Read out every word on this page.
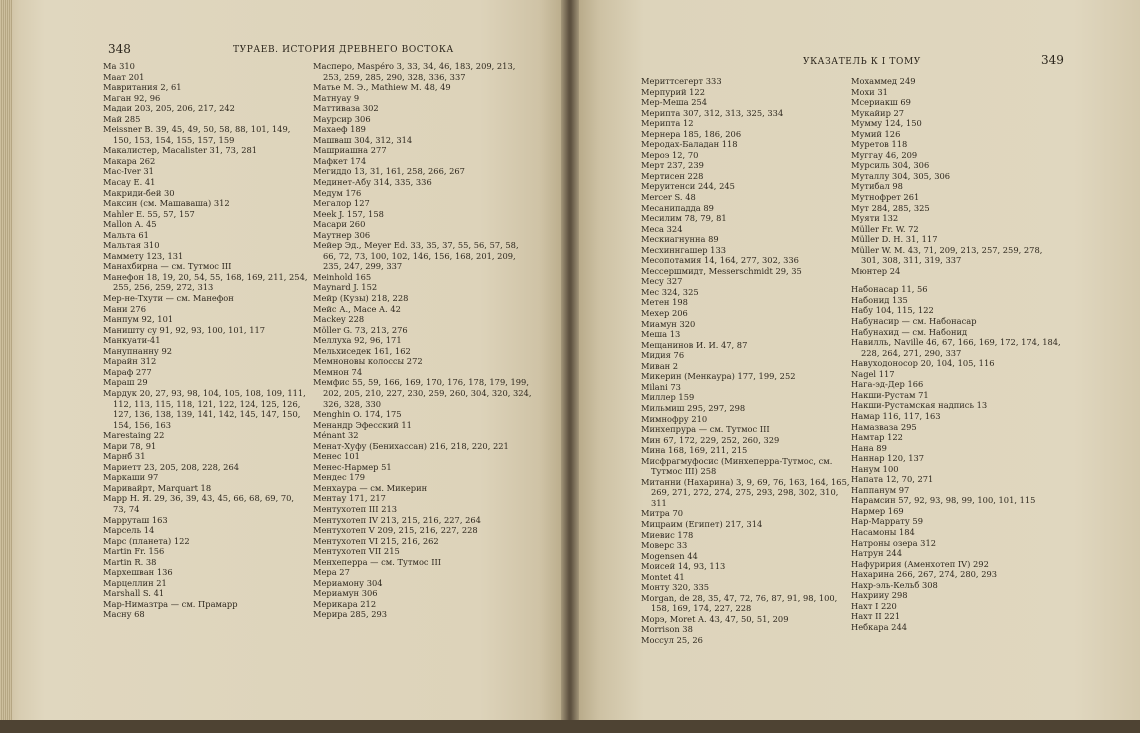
348	ТУРАЕВ. ИСТОРИЯ ДРЕВНЕГО ВОСТОКА
Ма 310
Маат 201
Мавритания 2, 61
Маган 92, 96
Мадаи 203, 205, 206, 217, 242
Май 285
Meissner B. 39, 45, 49, 50, 58, 88, 101, 149, 150, 153, 154, 155, 157, 159
Макалистер, Macalister 31, 73, 281
Макара 262
Mac-Iver 31
Масау Е. 41
Макриди-бей 30
Максин (см. Машаваша) 312
Mahler E. 55, 57, 157
Mallon A. 45
Мальта 61
Мальтая 310
Маммету 123, 131
Манахбирна — см. Тутмос III
Манефон 18, 19, 20, 54, 55, 168, 169, 211, 254, 255, 256, 259, 272, 313
Мер-не-Тхути — см. Манефон
Мани 276
Манпум 92, 101
Маништу су 91, 92, 93, 100, 101, 117
Манкуати-41
Манупнанну 92
Марайн 312
Мараф 277
Мараш 29
Мардук 20, 27, 93, 98, 104, 105, 108, 109, 111, 112, 113, 115, 118, 121, 122, 124, 125, 126, 127, 136, 138, 139, 141, 142, 145, 147, 150, 154, 156, 163
Marestaing 22
Мари 78, 91
Марнб 31
Мариетт 23, 205, 208, 228, 264
Маркаши 97
Маривайрт, Marquart 18
Марр Н. Я. 29, 36, 39, 43, 45, 66, 68, 69, 70, 73, 74
Марруташ 163
Марсель 14
Марс (планета) 122
Martin Fr. 156
Martin R. 38
Мархешван 136
Марцеллин 21
Marshall S. 41
Мар-Нимазтра — см. Прамарр
Масну 68
Масперо, Maspéro 3, 33, 34, 46, 183, 209, 213, 253, 259, 285, 290, 328, 336, 337
Матье М. Э., Mathiew M. 48, 49
Матнуау 9
Маттиваза 302
Маурсир 306
Махаеф 189
Машваш 304, 312, 314
Машриашна 277
Мафкет 174
Мегиддо 13, 31, 161, 258, 266, 267
Мединет-Абу 314, 335, 336
Медум 176
Мегалор 127
Meek J. 157, 158
Масари 260
Маутнер 306
Мейер Эд., Meyer Ed. 33, 35, 37, 55, 56, 57, 58, 66, 72, 73, 100, 102, 146, 156, 168, 201, 209, 235, 247, 299, 337
Meinhold 165
Maynard J. 152
Мейр (Кузы) 218, 228
Мейс А., Mace A. 42
Mackey 228
Möller G. 73, 213, 276
Меллуха 92, 96, 171
Мельхиседек 161, 162
Мемноновы колоссы 272
Мемнон 74
Мемфис 55, 59, 166, 169, 170, 176, 178, 179, 199, 202, 205, 210, 227, 230, 259, 260, 304, 320, 324, 326, 328, 330
Menghin O. 174, 175
Менандр Эфесский 11
Ménant 32
Менат-Хуфу (Бенихассан) 216, 218, 220, 221
Менес 101
Менес-Нармер 51
Мендес 179
Менхаура — см. Микерин
Ментау 171, 217
Ментухотеп III 213
Ментухотеп IV 213, 215, 216, 227, 264
Ментухотеп V 209, 215, 216, 227, 228
Ментухотеп VI 215, 216, 262
Ментухотеп VII 215
Менхеперра — см. Тутмос III
Мера 27
Мериамону 304
Мериамун 306
Мерикара 212
Мерира 285, 293
УКАЗАТЕЛЬ К I ТОМУ	349
Мериттсегерт 333
Мерпурий 122
Мер-Меша 254
Мерипта 307, 312, 313, 325, 334
Мерипта 12
Мернера 185, 186, 206
Меродах-Баладан 118
Мероэ 12, 70
Мерт 237, 239
Мертисен 228
Меруитенси 244, 245
Mercer S. 48
Месанипадда 89
Месилим 78, 79, 81
Меса 324
Мескиагнунна 89
Месхиннгашер 133
Месопотамия 14, 164, 277, 302, 336
Мессершмидт, Messerschmidt 29, 35
Месу 327
Мес 324, 325
Метен 198
Мехер 206
Миамун 320
Меша 13
Мещанинов И. И. 47, 87
Мидия 76
Миван 2
Микерин (Менкаура) 177, 199, 252
Milani 73
Миллер 159
Мильмиш 295, 297, 298
Мимнофру 210
Минхепрура — см. Тутмос III
Мин 67, 172, 229, 252, 260, 329
Мина 168, 169, 211, 215
Мисфрагмуфосис (Минхеперра-Тутмос, см. Тутмос III) 258
Митанни (Нахарина) 3, 9, 69, 76, 163, 164, 165, 269, 271, 272, 274, 275, 293, 298, 302, 310, 311
Митра 70
Мицраим (Египет) 217, 314
Миевис 178
Моверс 33
Mogensen 44
Моисей 14, 93, 113
Montet 41
Монту 320, 335
Morgan, de 28, 35, 47, 72, 76, 87, 91, 98, 100, 158, 169, 174, 227, 228
Морэ, Moret A. 43, 47, 50, 51, 209
Morrison 38
Моссул 25, 26
Мохаммед 249
Мохи 31
Мсериакш 69
Мукайир 27
Мумму 124, 150
Мумий 126
Муретов 118
Муггау 46, 209
Мурсиль 304, 306
Муталлу 304, 305, 306
Мутибал 98
Мутнофрет 261
Мут 284, 285, 325
Муяти 132
Müller Fr. W. 72
Müller D. H. 31, 117
Müller W. M. 43, 71, 209, 213, 257, 259, 278, 301, 308, 311, 319, 337
Мюнтер 24
Набонасар 11, 56
Набонид 135
Набу 104, 115, 122
Набунасир — см. Набонасар
Набунахид — см. Набонид
Навилль, Naville 46, 67, 166, 169, 172, 174, 184, 228, 264, 271, 290, 337
Навуходоносор 20, 104, 105, 116
Nagel 117
Нага-эд-Дер 166
Накши-Рустам 71
Накши-Рустамская надпись 13
Намар 116, 117, 163
Намазваза 295
Намтар 122
Нана 89
Наннар 120, 137
Нанум 100
Напата 12, 70, 271
Наппанум 97
Нарамсин 57, 92, 93, 98, 99, 100, 101, 115
Нармер 169
Нар-Маррату 59
Насамоны 184
Натроны озера 312
Натрун 244
Нафуририя (Аменхотеп IV) 292
Нахарина 266, 267, 274, 280, 293
Нахр-эль-Кельб 308
Нахрииу 298
Нахт I 220
Нахт II 221
Небкара 244
